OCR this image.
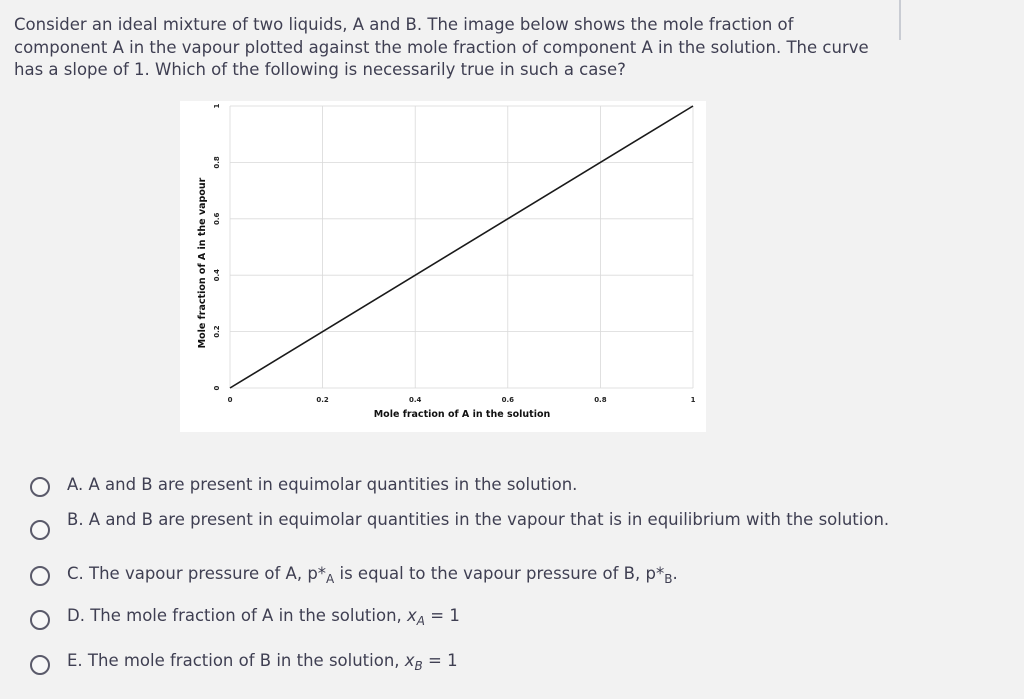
Consider an ideal mixture of two liquids, A and B. The image below shows the mole fraction of component A in the vapour plotted against the mole fraction of component A in the solution. The curve has a slope of 1. Which of the following is necessarily true in such a case?
0	0.2	0.4	0.6	0.8	1
0
0.2
0.4
0.6
0.8
1
Mole fraction of A in the solution
Mole fraction of A in the vapour
A. A and B are present in equimolar quantities in the solution.
B. A and B are present in equimolar quantities in the vapour that is in equilibrium with the solution.
C. The vapour pressure of A, $p*_A$ is equal to the vapour pressure of B, $p*_B$.
D. The mole fraction of A in the solution, $x_A = 1$
E. The mole fraction of B in the solution, $x_B = 1$
